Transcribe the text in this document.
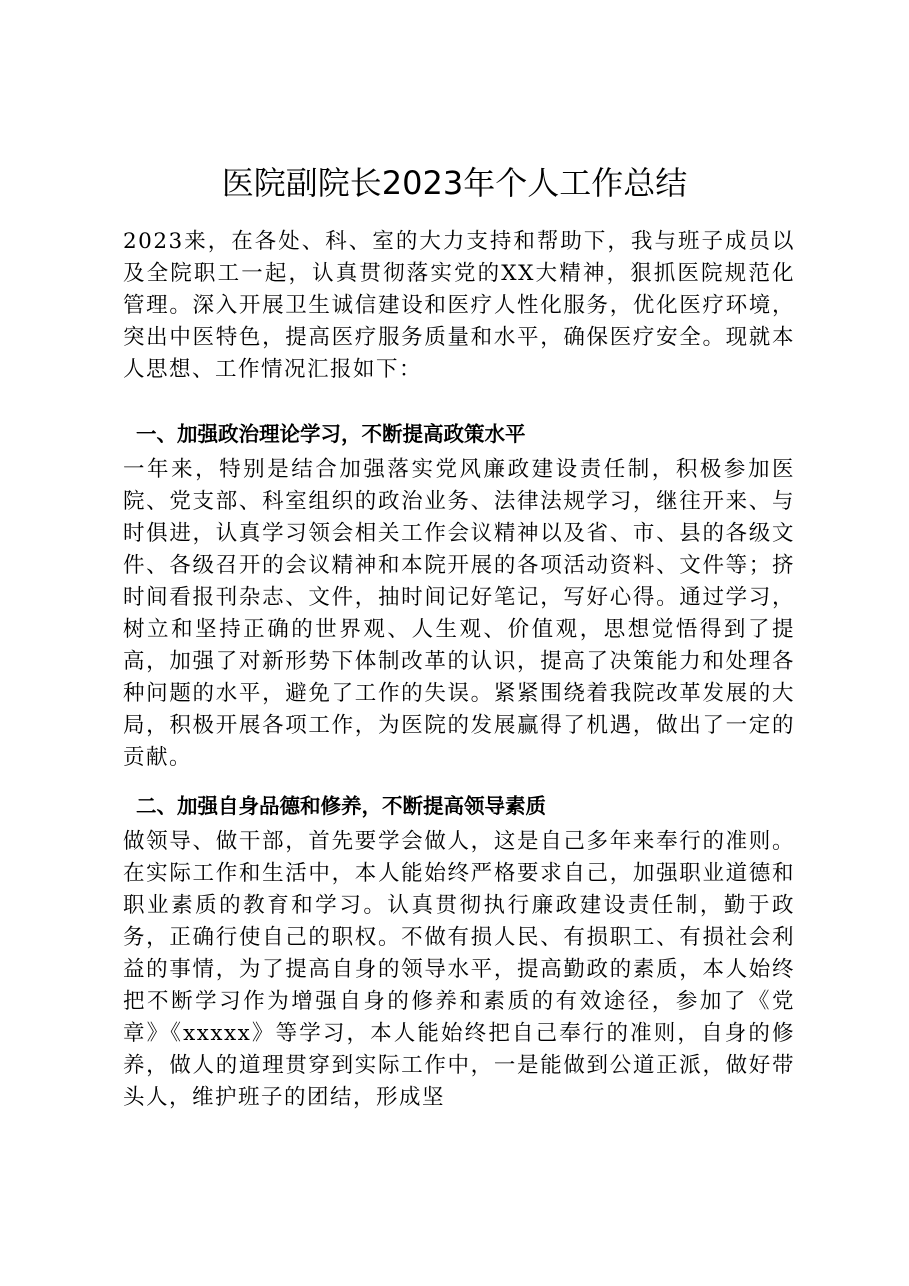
医院副院长2023年个人工作总结

2023来，在各处、科、室的大力支持和帮助下，我与班子成员以及全院职工一起，认真贯彻落实党的XX大精神，狠抓医院规范化管理。深入开展卫生诚信建设和医疗人性化服务，优化医疗环境，突出中医特色，提高医疗服务质量和水平，确保医疗安全。现就本人思想、工作情况汇报如下：

一、加强政治理论学习，不断提高政策水平

一年来，特别是结合加强落实党风廉政建设责任制，积极参加医院、党支部、科室组织的政治业务、法律法规学习，继往开来、与时俱进，认真学习领会相关工作会议精神以及省、市、县的各级文件、各级召开的会议精神和本院开展的各项活动资料、文件等；挤时间看报刊杂志、文件，抽时间记好笔记，写好心得。通过学习，树立和坚持正确的世界观、人生观、价值观，思想觉悟得到了提高，加强了对新形势下体制改革的认识，提高了决策能力和处理各种问题的水平，避免了工作的失误。紧紧围绕着我院改革发展的大局，积极开展各项工作，为医院的发展赢得了机遇，做出了一定的贡献。

二、加强自身品德和修养，不断提高领导素质

做领导、做干部，首先要学会做人，这是自己多年来奉行的准则。在实际工作和生活中，本人能始终严格要求自己，加强职业道德和职业素质的教育和学习。认真贯彻执行廉政建设责任制，勤于政务，正确行使自己的职权。不做有损人民、有损职工、有损社会利益的事情，为了提高自身的领导水平，提高勤政的素质，本人始终把不断学习作为增强自身的修养和素质的有效途径，参加了《党章》《xxxxx》等学习，本人能始终把自己奉行的准则，自身的修养，做人的道理贯穿到实际工作中，一是能做到公道正派，做好带头人，维护班子的团结，形成坚
